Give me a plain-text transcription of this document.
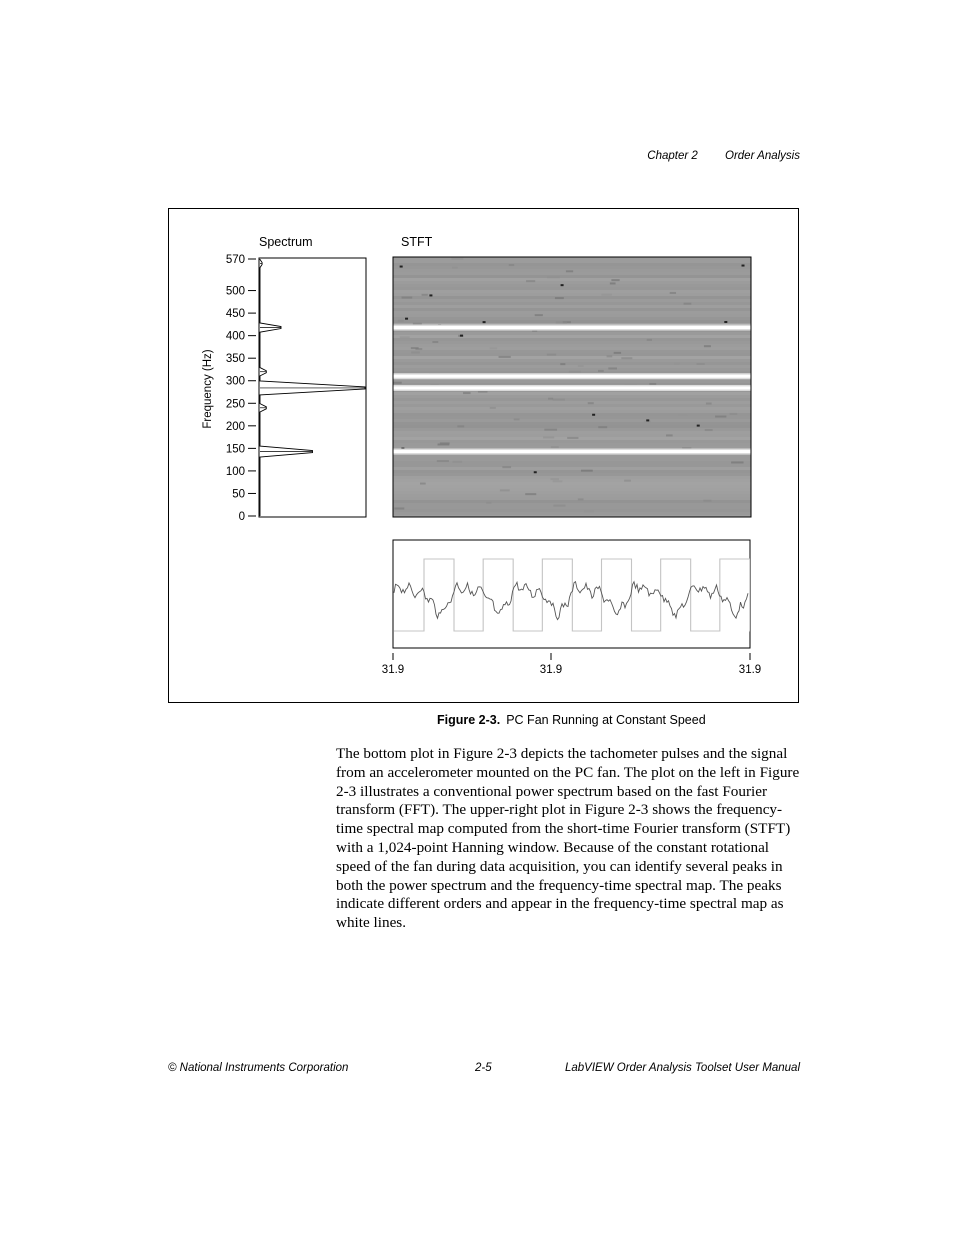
Chapter 2 Order Analysis
Spectrum	STFT
Frequency (Hz)
0
50
100
150
200
250
300
350
400
450
500
570
31.9	31.9	31.9
Figure 2-3. PC Fan Running at Constant Speed

The bottom plot in Figure 2-3 depicts the tachometer pulses and the signal from an accelerometer mounted on the PC fan. The plot on the left in Figure 2-3 illustrates a conventional power spectrum based on the fast Fourier transform (FFT). The upper-right plot in Figure 2-3 shows the frequency-time spectral map computed from the short-time Fourier transform (STFT) with a 1,024-point Hanning window. Because of the constant rotational speed of the fan during data acquisition, you can identify several peaks in both the power spectrum and the frequency-time spectral map. The peaks indicate different orders and appear in the frequency-time spectral map as white lines.

© National Instruments Corporation	2-5	LabVIEW Order Analysis Toolset User Manual
